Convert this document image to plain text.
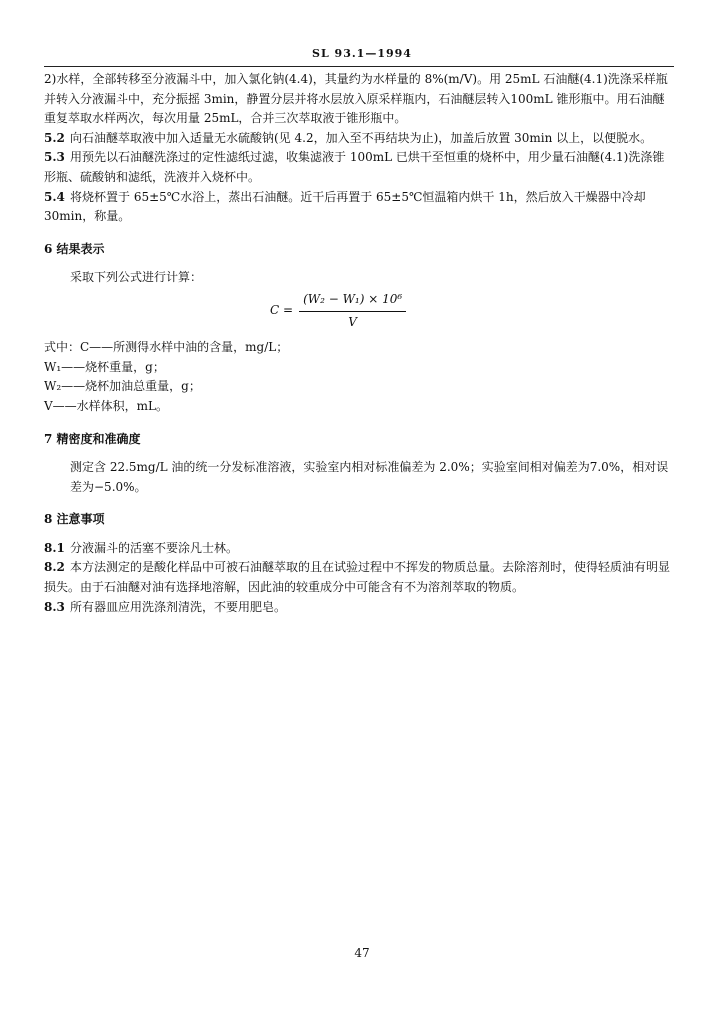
SL 93.1—1994

2)水样，全部转移至分液漏斗中，加入氯化钠(4.4)，其量约为水样量的 8%(m/V)。用 25mL 石油醚(4.1)洗涤采样瓶并转入分液漏斗中，充分振摇 3min，静置分层并将水层放入原采样瓶内，石油醚层转入100mL 锥形瓶中。用石油醚重复萃取水样两次，每次用量 25mL，合并三次萃取液于锥形瓶中。

5.2 向石油醚萃取液中加入适量无水硫酸钠(见 4.2，加入至不再结块为止)，加盖后放置 30min 以上，以便脱水。

5.3 用预先以石油醚洗涤过的定性滤纸过滤，收集滤液于 100mL 已烘干至恒重的烧杯中，用少量石油醚(4.1)洗涤锥形瓶、硫酸钠和滤纸，洗液并入烧杯中。

5.4 将烧杯置于 65±5℃水浴上，蒸出石油醚。近干后再置于 65±5℃恒温箱内烘干 1h，然后放入干燥器中冷却 30min，称量。

6 结果表示

采取下列公式进行计算：

$C = \frac{\text{(W₂ − W₁) × 10⁶}}{V}$

式中：C——所测得水样中油的含量，mg/L；

W₁——烧杯重量，g；

W₂——烧杯加油总重量，g；

V——水样体积，mL。

7 精密度和准确度

测定含 22.5mg/L 油的统一分发标准溶液，实验室内相对标准偏差为 2.0%；实验室间相对偏差为7.0%，相对误差为−5.0%。

8 注意事项

8.1 分液漏斗的活塞不要涂凡士林。

8.2 本方法测定的是酸化样品中可被石油醚萃取的且在试验过程中不挥发的物质总量。去除溶剂时，使得轻质油有明显损失。由于石油醚对油有选择地溶解，因此油的较重成分中可能含有不为溶剂萃取的物质。

8.3 所有器皿应用洗涤剂清洗，不要用肥皂。

47
